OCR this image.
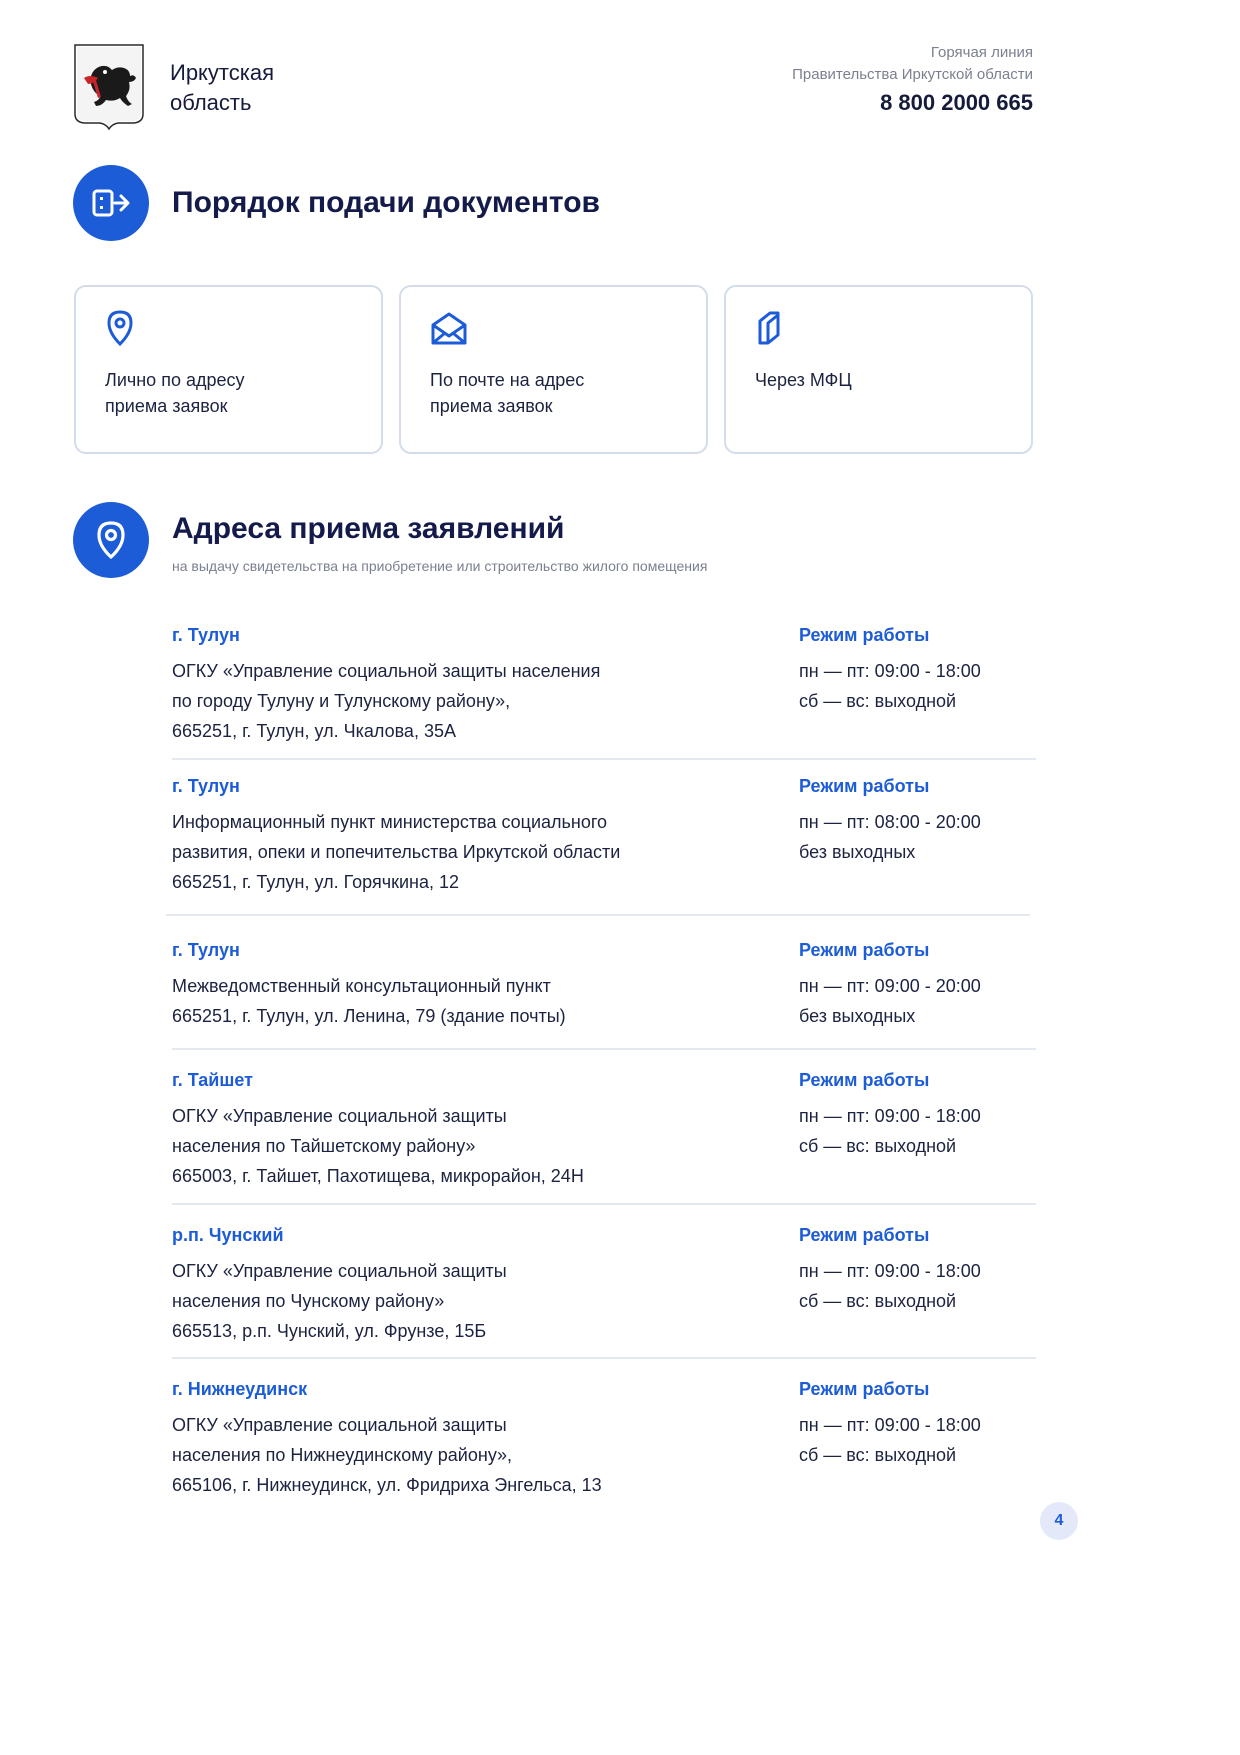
Иркутская
область
Горячая линия
Правительства Иркутской области
8 800 2000 665
Порядок подачи документов
Лично по адресу
приема заявок
По почте на адрес
приема заявок
Через МФЦ
Адреса приема заявлений
на выдачу свидетельства на приобретение или строительство жилого помещения
г. Тулун
ОГКУ «Управление социальной защиты населения
по городу Тулуну и Тулунскому району»,
665251, г. Тулун, ул. Чкалова, 35А
Режим работы
пн — пт: 09:00 - 18:00
сб — вс: выходной
г. Тулун
Информационный пункт министерства социального
развития, опеки и попечительства Иркутской области
665251, г. Тулун, ул. Горячкина, 12
Режим работы
пн — пт: 08:00 - 20:00
без выходных
г. Тулун
Межведомственный консультационный пункт
665251, г. Тулун, ул. Ленина, 79 (здание почты)
Режим работы
пн — пт: 09:00 - 20:00
без выходных
г. Тайшет
ОГКУ «Управление социальной защиты
населения по Тайшетскому району»
665003, г. Тайшет, Пахотищева, микрорайон, 24Н
Режим работы
пн — пт: 09:00 - 18:00
сб — вс: выходной
р.п. Чунский
ОГКУ «Управление социальной защиты
населения по Чунскому району»
665513, р.п. Чунский, ул. Фрунзе, 15Б
Режим работы
пн — пт: 09:00 - 18:00
сб — вс: выходной
г. Нижнеудинск
ОГКУ «Управление социальной защиты
населения по Нижнеудинскому району»,
665106, г. Нижнеудинск, ул. Фридриха Энгельса, 13
Режим работы
пн — пт: 09:00 - 18:00
сб — вс: выходной
4
